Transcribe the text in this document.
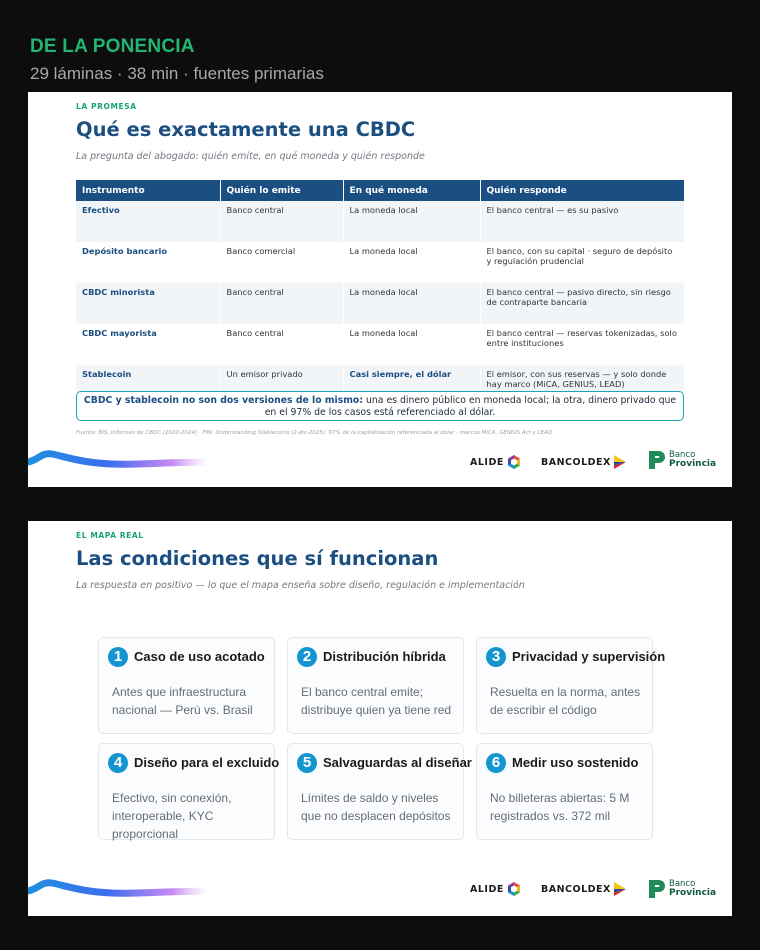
DE LA PONENCIA
29 láminas · 38 min · fuentes primarias
LA PROMESA
Qué es exactamente una CBDC
La pregunta del abogado: quién emite, en qué moneda y quién responde
Instrumento	Quién lo emite	En qué moneda	Quién responde
Efectivo	Banco central	La moneda local	El banco central — es su pasivo
Depósito bancario	Banco comercial	La moneda local	El banco, con su capital · seguro de depósito y regulación prudencial
CBDC minorista	Banco central	La moneda local	El banco central — pasivo directo, sin riesgo de contraparte bancaria
CBDC mayorista	Banco central	La moneda local	El banco central — reservas tokenizadas, solo entre instituciones
Stablecoin	Un emisor privado	Casi siempre, el dólar	El emisor, con sus reservas — y solo donde hay marco (MiCA, GENIUS, LEAD)
CBDC y stablecoin no son dos versiones de lo mismo: una es dinero público en moneda local; la otra, dinero privado que en el 97% de los casos está referenciado al dólar.
Fuente: BIS, informes de CBDC (2020-2024) · FMI, Understanding Stablecoins (2-dic-2025): 97% de la capitalización referenciada al dólar · marcos MiCA, GENIUS Act y LEAD
ALIDE	BANCOLDEX
Banco
Provincia
EL MAPA REAL
Las condiciones que sí funcionan
La respuesta en positivo — lo que el mapa enseña sobre diseño, regulación e implementación
1 Caso de uso acotado
Antes que infraestructura nacional — Perú vs. Brasil
2 Distribución híbrida
El banco central emite; distribuye quien ya tiene red
3 Privacidad y supervisión
Resuelta en la norma, antes de escribir el código
4 Diseño para el excluido
Efectivo, sin conexión, interoperable, KYC proporcional
5 Salvaguardas al diseñar
Límites de saldo y niveles que no desplacen depósitos
6 Medir uso sostenido
No billeteras abiertas: 5 M registrados vs. 372 mil
ALIDE	BANCOLDEX	Banco
Provincia
